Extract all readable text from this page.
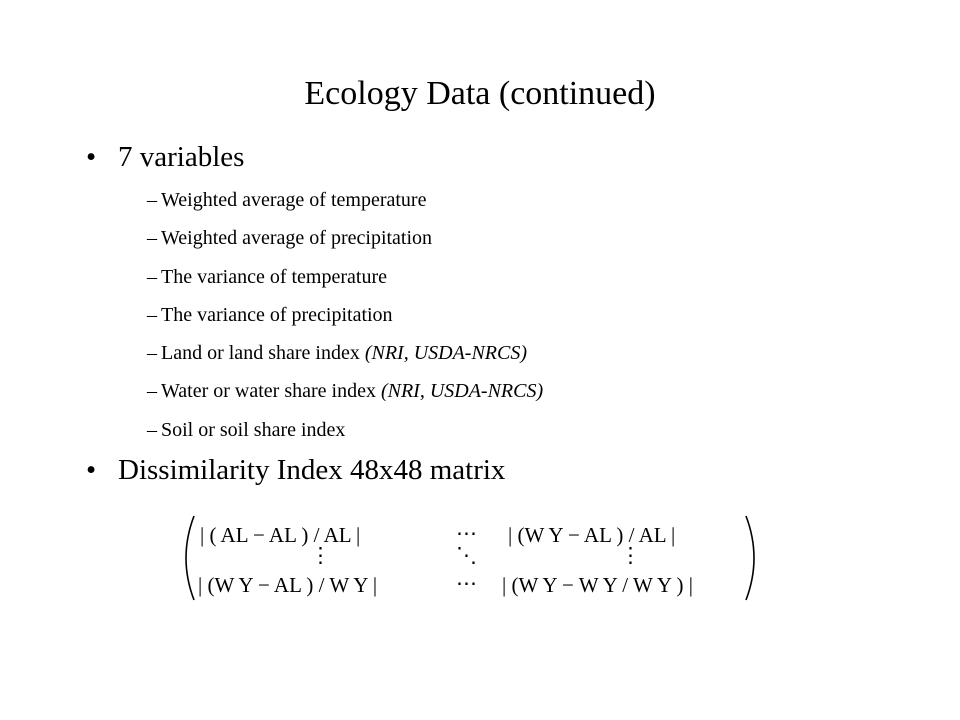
Ecology Data (continued)
• 7 variables
– Weighted average of temperature
– Weighted average of precipitation
– The variance of temperature
– The variance of precipitation
– Land or land share index (NRI, USDA-NRCS)
– Water or water share index (NRI, USDA-NRCS)
– Soil or soil share index
• Dissimilarity Index 48x48 matrix
| ( AL − AL ) / AL |	⋯ | (W Y − AL ) / AL |
⋮	⋱	⋮
| (W Y − AL ) / W Y |	⋯ | (W Y − W Y / W Y ) |
